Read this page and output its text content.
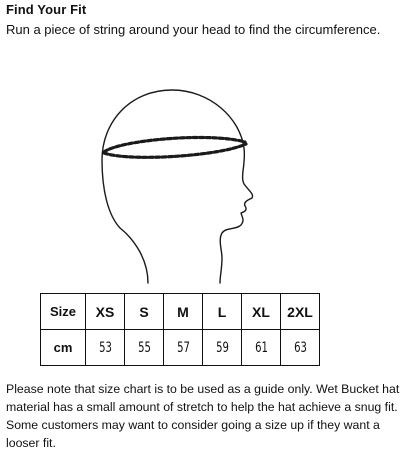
Find Your Fit
Run a piece of string around your head to find the circumference.
Size	XS	S	M	L	XL	2XL
cm	53	55	57	59	61	63
Please note that size chart is to be used as a guide only. Wet Bucket hat material has a small amount of stretch to help the hat achieve a snug fit. Some customers may want to consider going a size up if they want a looser fit.
